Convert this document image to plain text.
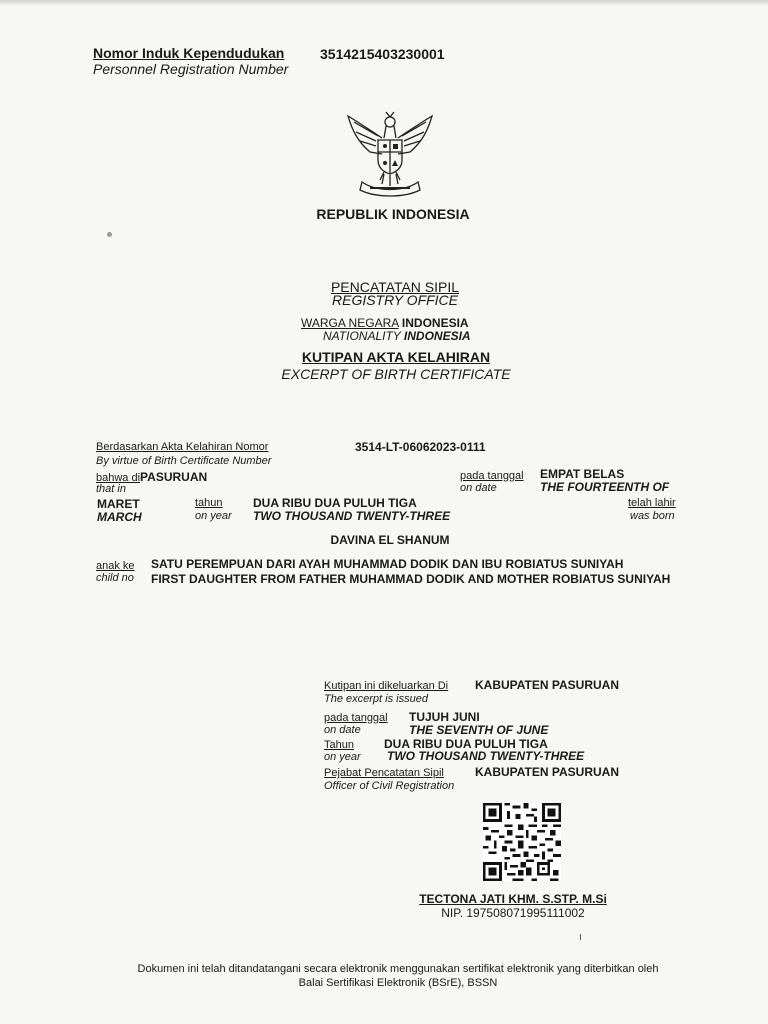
Nomor Induk Kependudukan	3514215403230001
Personnel Registration Number
REPUBLIK INDONESIA
PENCATATAN SIPIL
REGISTRY OFFICE
WARGA NEGARA INDONESIA
NATIONALITY INDONESIA
KUTIPAN AKTA KELAHIRAN
EXCERPT OF BIRTH CERTIFICATE
Berdasarkan Akta Kelahiran Nomor
By virtue of Birth Certificate Number
3514-LT-06062023-0111
bahwa diPASURUAN
that in
pada tanggal
on date
EMPAT BELAS
THE FOURTEENTH OF
MARET
MARCH
tahun
on year
DUA RIBU DUA PULUH TIGA
TWO THOUSAND TWENTY-THREE
telah lahir
was born
DAVINA EL SHANUM
anak ke
child no
SATU PEREMPUAN DARI AYAH MUHAMMAD DODIK DAN IBU ROBIATUS SUNIYAH
FIRST DAUGHTER FROM FATHER MUHAMMAD DODIK AND MOTHER ROBIATUS SUNIYAH
Kutipan ini dikeluarkan Di
The excerpt is issued
KABUPATEN PASURUAN
pada tanggal
on date
TUJUH JUNI
THE SEVENTH OF JUNE
Tahun
on year
DUA RIBU DUA PULUH TIGA
TWO THOUSAND TWENTY-THREE
Pejabat Pencatatan Sipil
Officer of Civil Registration
KABUPATEN PASURUAN
TECTONA JATI KHM. S.STP. M.Si
NIP. 197508071995111002
Dokumen ini telah ditandatangani secara elektronik menggunakan sertifikat elektronik yang diterbitkan oleh
Balai Sertifikasi Elektronik (BSrE), BSSN
